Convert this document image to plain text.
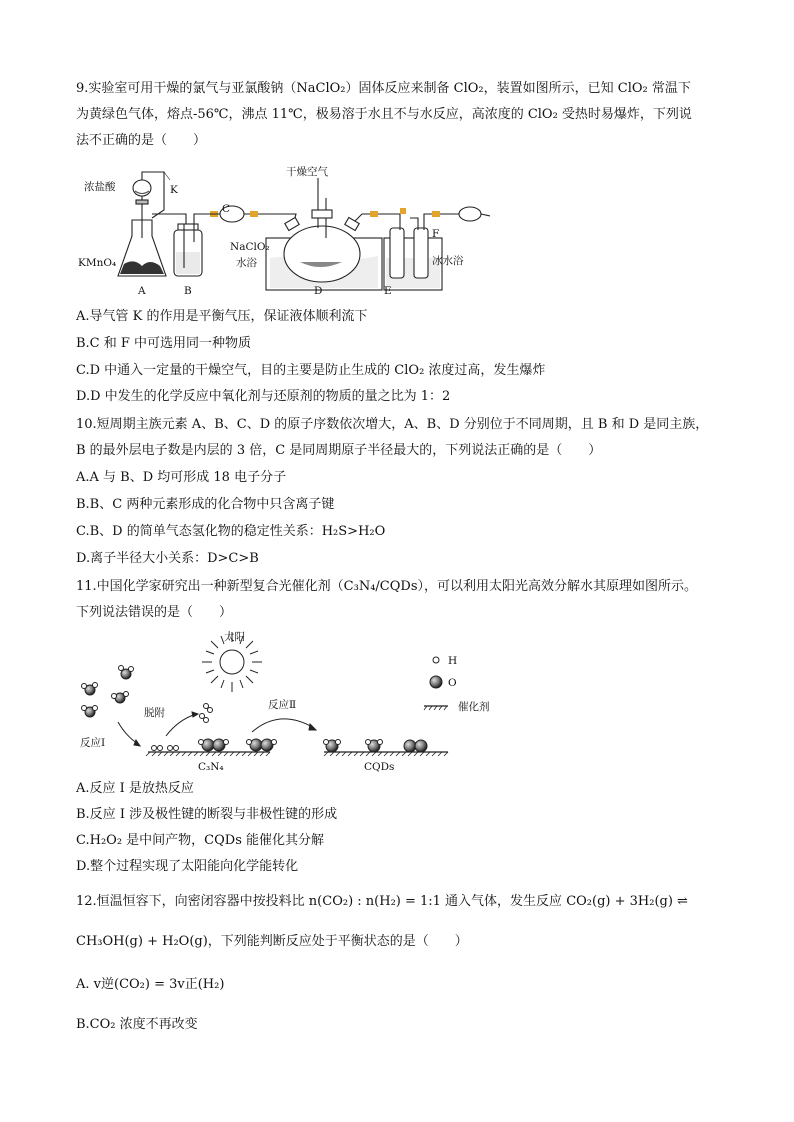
9.实验室可用干燥的氯气与亚氯酸钠（NaClO₂）固体反应来制备 ClO₂，装置如图所示，已知 ClO₂ 常温下
为黄绿色气体，熔点-56℃，沸点 11℃，极易溶于水且不与水反应，高浓度的 ClO₂ 受热时易爆炸，下列说
法不正确的是（　　）
浓盐酸	K
干燥空气
C
F
NaClO₂
水浴	冰水浴
KMnO₄
A	B	D	E
A.导气管 K 的作用是平衡气压，保证液体顺利流下
B.C 和 F 中可选用同一种物质
C.D 中通入一定量的干燥空气，目的主要是防止生成的 ClO₂ 浓度过高，发生爆炸
D.D 中发生的化学反应中氧化剂与还原剂的物质的量之比为 1：2
10.短周期主族元素 A、B、C、D 的原子序数依次增大，A、B、D 分别位于不同周期，且 B 和 D 是同主族，
B 的最外层电子数是内层的 3 倍，C 是同周期原子半径最大的，下列说法正确的是（　　）
A.A 与 B、D 均可形成 18 电子分子
B.B、C 两种元素形成的化合物中只含离子键
C.B、D 的简单气态氢化物的稳定性关系：H₂S>H₂O
D.离子半径大小关系：D>C>B
11.中国化学家研究出一种新型复合光催化剂（C₃N₄/CQDs），可以利用太阳光高效分解水其原理如图所示。
下列说法错误的是（　　）
太阳
脱附
反应Ⅱ
反应Ⅰ
C₃N₄	CQDs
H
O
催化剂
A.反应 I 是放热反应
B.反应 I 涉及极性键的断裂与非极性键的形成
C.H₂O₂ 是中间产物，CQDs 能催化其分解
D.整个过程实现了太阳能向化学能转化
12.恒温恒容下，向密闭容器中按投料比 n(CO₂) : n(H₂) = 1:1 通入气体，发生反应 CO₂(g) + 3H₂(g) ⇌
CH₃OH(g) + H₂O(g)，下列能判断反应处于平衡状态的是（　　）
A. v逆(CO₂) = 3v正(H₂)
B.CO₂ 浓度不再改变
